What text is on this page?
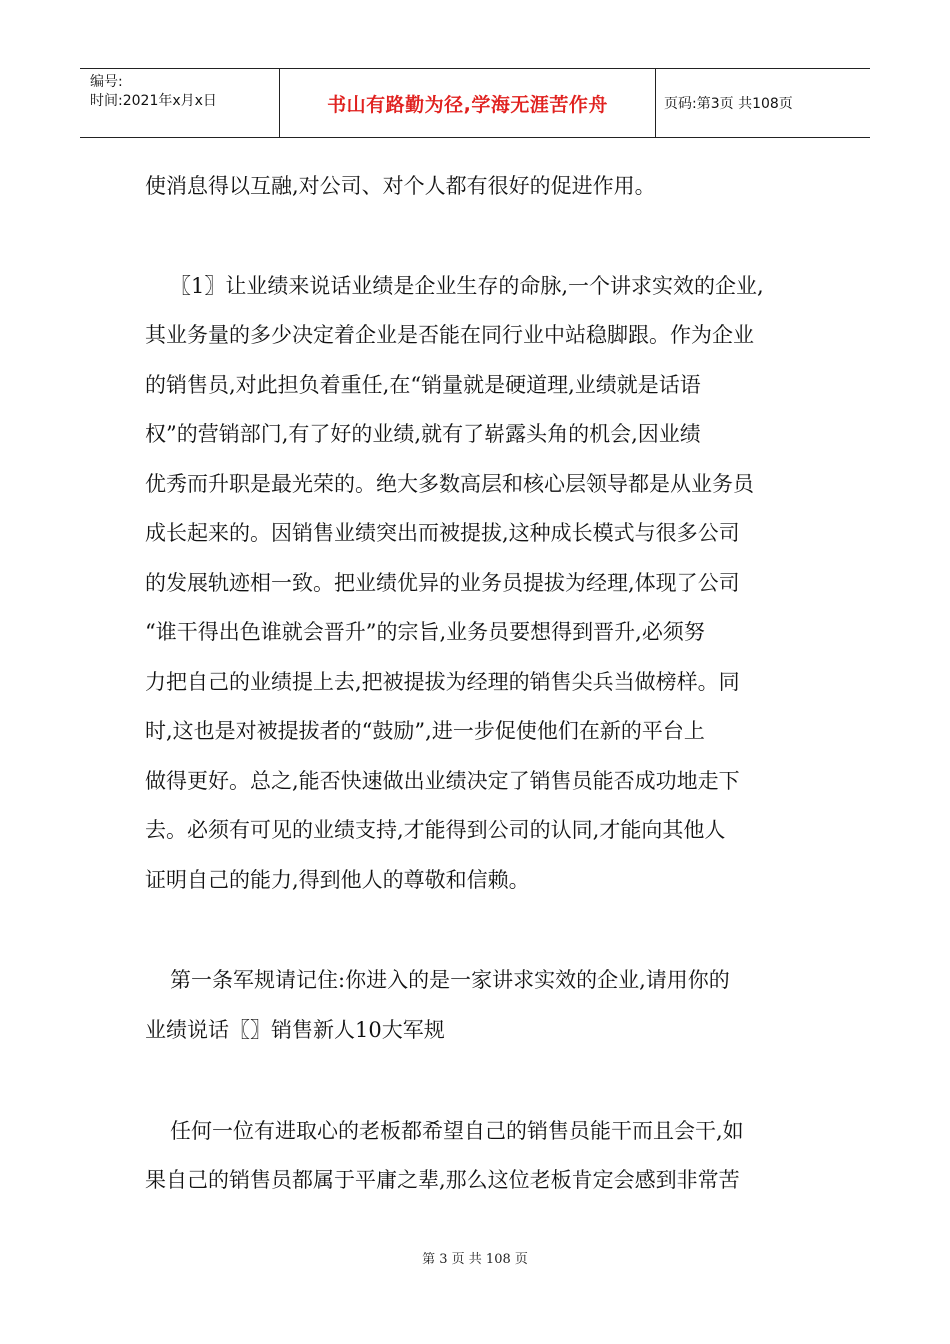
编号:
时间:2021年x月x日	书山有路勤为径,学海无涯苦作舟	页码:第3页 共108页
使消息得以互融,对公司、对个人都有很好的促进作用。
〖1〗让业绩来说话业绩是企业生存的命脉,一个讲求实效的企业,
其业务量的多少决定着企业是否能在同行业中站稳脚跟。作为企业
的销售员,对此担负着重任,在“销量就是硬道理,业绩就是话语
权”的营销部门,有了好的业绩,就有了崭露头角的机会,因业绩
优秀而升职是最光荣的。绝大多数高层和核心层领导都是从业务员
成长起来的。因销售业绩突出而被提拔,这种成长模式与很多公司
的发展轨迹相一致。把业绩优异的业务员提拔为经理,体现了公司
“谁干得出色谁就会晋升”的宗旨,业务员要想得到晋升,必须努
力把自己的业绩提上去,把被提拔为经理的销售尖兵当做榜样。同
时,这也是对被提拔者的“鼓励”,进一步促使他们在新的平台上
做得更好。总之,能否快速做出业绩决定了销售员能否成功地走下
去。必须有可见的业绩支持,才能得到公司的认同,才能向其他人
证明自己的能力,得到他人的尊敬和信赖。
第一条军规请记住:你进入的是一家讲求实效的企业,请用你的
业绩说话〖〗销售新人10大军规
任何一位有进取心的老板都希望自己的销售员能干而且会干,如
果自己的销售员都属于平庸之辈,那么这位老板肯定会感到非常苦
第 3 页 共 108 页
